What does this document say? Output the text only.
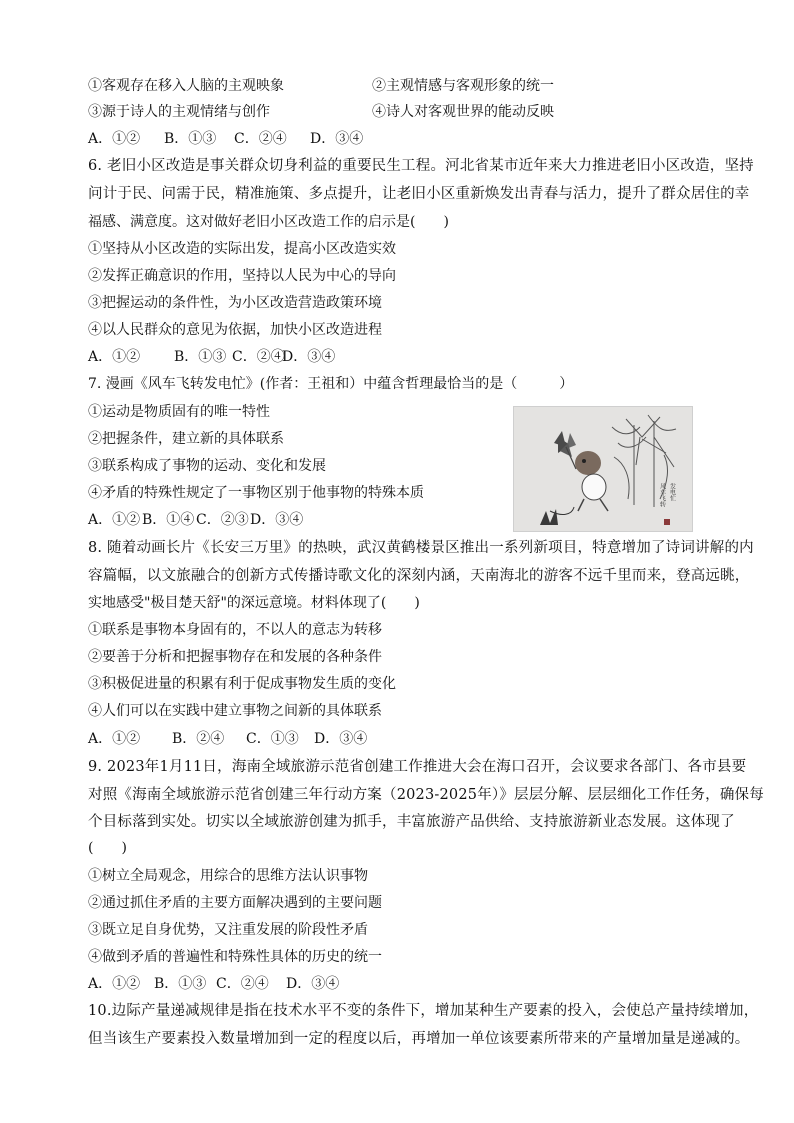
①客观存在移入人脑的主观映象	②主观情感与客观形象的统一
③源于诗人的主观情绪与创作	④诗人对客观世界的能动反映
A．①② B．①③ C．②④ D．③④
6. 老旧小区改造是事关群众切身利益的重要民生工程。河北省某市近年来大力推进老旧小区改造，坚持
问计于民、问需于民，精准施策、多点提升，让老旧小区重新焕发出青春与活力，提升了群众居住的幸
福感、满意度。这对做好老旧小区改造工作的启示是(　　)
①坚持从小区改造的实际出发，提高小区改造实效
②发挥正确意识的作用，坚持以人民为中心的导向
③把握运动的条件性，为小区改造营造政策环境
④以人民群众的意见为依据，加快小区改造进程
A．①② B．①③ C．②④D．③④
7. 漫画《风车飞转发电忙》(作者：王祖和）中蕴含哲理最恰当的是（　　　）
①运动是物质固有的唯一特性
②把握条件，建立新的具体联系
③联系构成了事物的运动、变化和发展
④矛盾的特殊性规定了一事物区别于他事物的特殊本质
A．①② B．①④ C．②③D．③④
风车飞转 发电忙
8. 随着动画长片《长安三万里》的热映，武汉黄鹤楼景区推出一系列新项目，特意增加了诗词讲解的内
容篇幅，以文旅融合的创新方式传播诗歌文化的深刻内涵，天南海北的游客不远千里而来，登高远眺，
实地感受"极目楚天舒"的深远意境。材料体现了(　　)
①联系是事物本身固有的，不以人的意志为转移
②要善于分析和把握事物存在和发展的各种条件
③积极促进量的积累有利于促成事物发生质的变化
④人们可以在实践中建立事物之间新的具体联系
A．①② B．②④ C．①③ D．③④
9. 2023年1月11日，海南全域旅游示范省创建工作推进大会在海口召开，会议要求各部门、各市县要
对照《海南全域旅游示范省创建三年行动方案（2023-2025年）》层层分解、层层细化工作任务，确保每
个目标落到实处。切实以全域旅游创建为抓手，丰富旅游产品供给、支持旅游新业态发展。这体现了
(　　)
①树立全局观念，用综合的思维方法认识事物
②通过抓住矛盾的主要方面解决遇到的主要问题
③既立足自身优势，又注重发展的阶段性矛盾
④做到矛盾的普遍性和特殊性具体的历史的统一
A．①② B．①③ C．②④ D．③④
10.边际产量递减规律是指在技术水平不变的条件下，增加某种生产要素的投入，会使总产量持续增加，
但当该生产要素投入数量增加到一定的程度以后，再增加一单位该要素所带来的产量增加量是递减的。
